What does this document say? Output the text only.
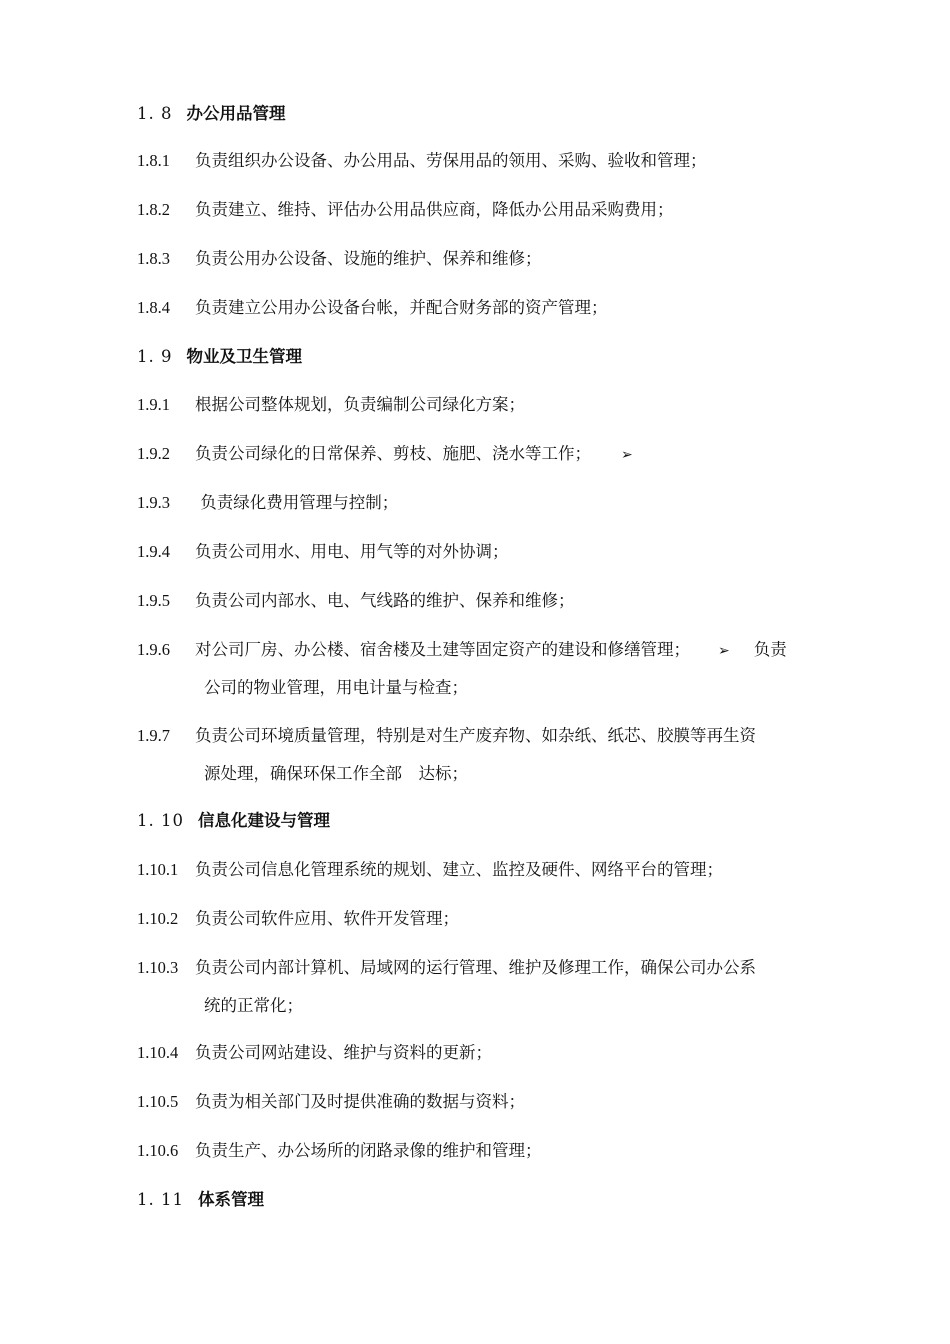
1. 8 办公用品管理
1.8.1 负责组织办公设备、办公用品、劳保用品的领用、采购、验收和管理；
1.8.2 负责建立、维持、评估办公用品供应商，降低办公用品采购费用；
1.8.3 负责公用办公设备、设施的维护、保养和维修；
1.8.4 负责建立公用办公设备台帐，并配合财务部的资产管理；
1. 9 物业及卫生管理
1.9.1 根据公司整体规划，负责编制公司绿化方案；
1.9.2 负责公司绿化的日常保养、剪枝、施肥、浇水等工作； ➢
1.9.3 负责绿化费用管理与控制；
1.9.4 负责公司用水、用电、用气等的对外协调；
1.9.5 负责公司内部水、电、气线路的维护、保养和维修；
1.9.6 对公司厂房、办公楼、宿舍楼及土建等固定资产的建设和修缮管理； ➢ 负责
公司的物业管理，用电计量与检查；
1.9.7 负责公司环境质量管理，特别是对生产废弃物、如杂纸、纸芯、胶膜等再生资
源处理，确保环保工作全部　达标；
1. 10 信息化建设与管理
1.10.1 负责公司信息化管理系统的规划、建立、监控及硬件、网络平台的管理；
1.10.2 负责公司软件应用、软件开发管理；
1.10.3 负责公司内部计算机、局域网的运行管理、维护及修理工作，确保公司办公系
统的正常化；
1.10.4 负责公司网站建设、维护与资料的更新；
1.10.5 负责为相关部门及时提供准确的数据与资料；
1.10.6 负责生产、办公场所的闭路录像的维护和管理；
1. 11 体系管理
